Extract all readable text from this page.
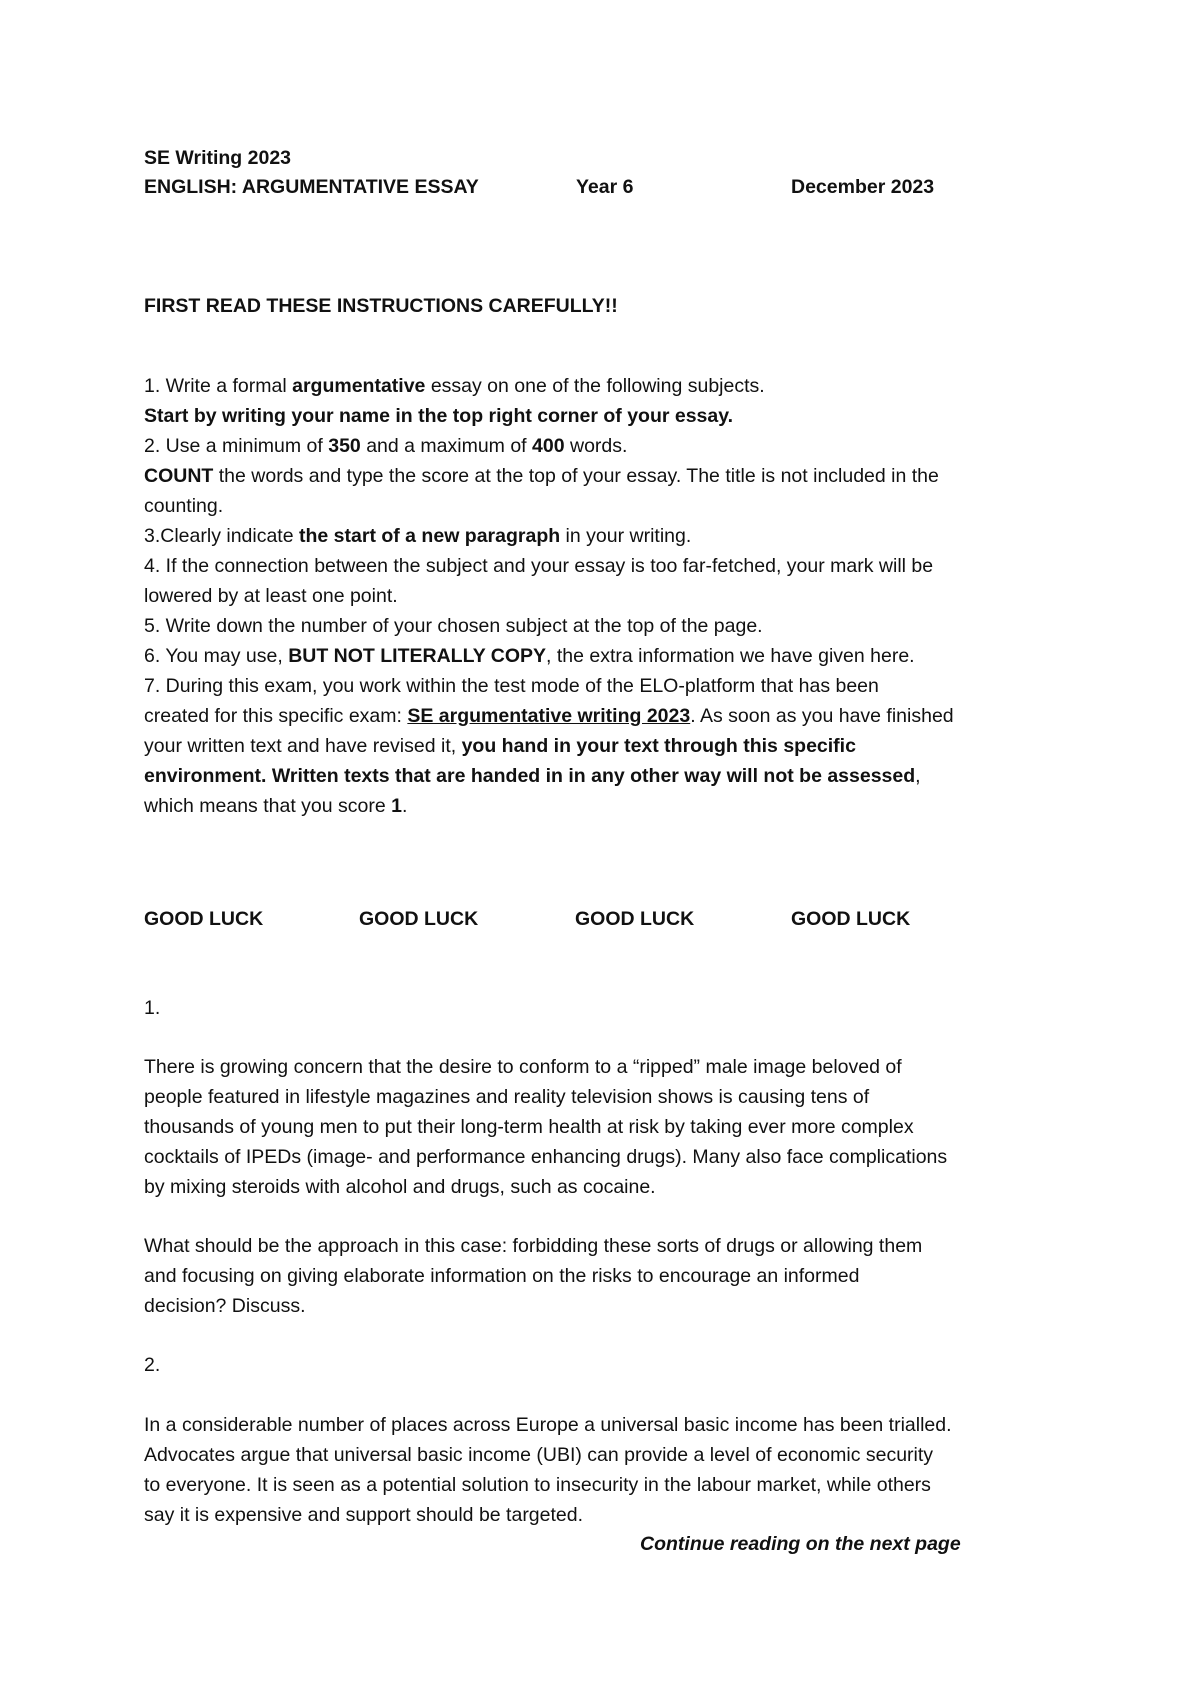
SE Writing 2023
ENGLISH: ARGUMENTATIVE ESSAY	Year 6	December 2023
FIRST READ THESE INSTRUCTIONS CAREFULLY!!
1. Write a formal argumentative essay on one of the following subjects.
Start by writing your name in the top right corner of your essay.
2. Use a minimum of 350 and a maximum of 400 words.
COUNT the words and type the score at the top of your essay. The title is not included in the
counting.
3.Clearly indicate the start of a new paragraph in your writing.
4. If the connection between the subject and your essay is too far-fetched, your mark will be
lowered by at least one point.
5. Write down the number of your chosen subject at the top of the page.
6. You may use, BUT NOT LITERALLY COPY, the extra information we have given here.
7. During this exam, you work within the test mode of the ELO-platform that has been
created for this specific exam: SE argumentative writing 2023. As soon as you have finished
your written text and have revised it, you hand in your text through this specific
environment. Written texts that are handed in in any other way will not be assessed,
which means that you score 1.
GOOD LUCK	GOOD LUCK	GOOD LUCK	GOOD LUCK
1.
There is growing concern that the desire to conform to a “ripped” male image beloved of
people featured in lifestyle magazines and reality television shows is causing tens of
thousands of young men to put their long-term health at risk by taking ever more complex
cocktails of IPEDs (image- and performance enhancing drugs). Many also face complications
by mixing steroids with alcohol and drugs, such as cocaine.
What should be the approach in this case: forbidding these sorts of drugs or allowing them
and focusing on giving elaborate information on the risks to encourage an informed
decision? Discuss.
2.
In a considerable number of places across Europe a universal basic income has been trialled.
Advocates argue that universal basic income (UBI) can provide a level of economic security
to everyone. It is seen as a potential solution to insecurity in the labour market, while others
say it is expensive and support should be targeted.
Continue reading on the next page
